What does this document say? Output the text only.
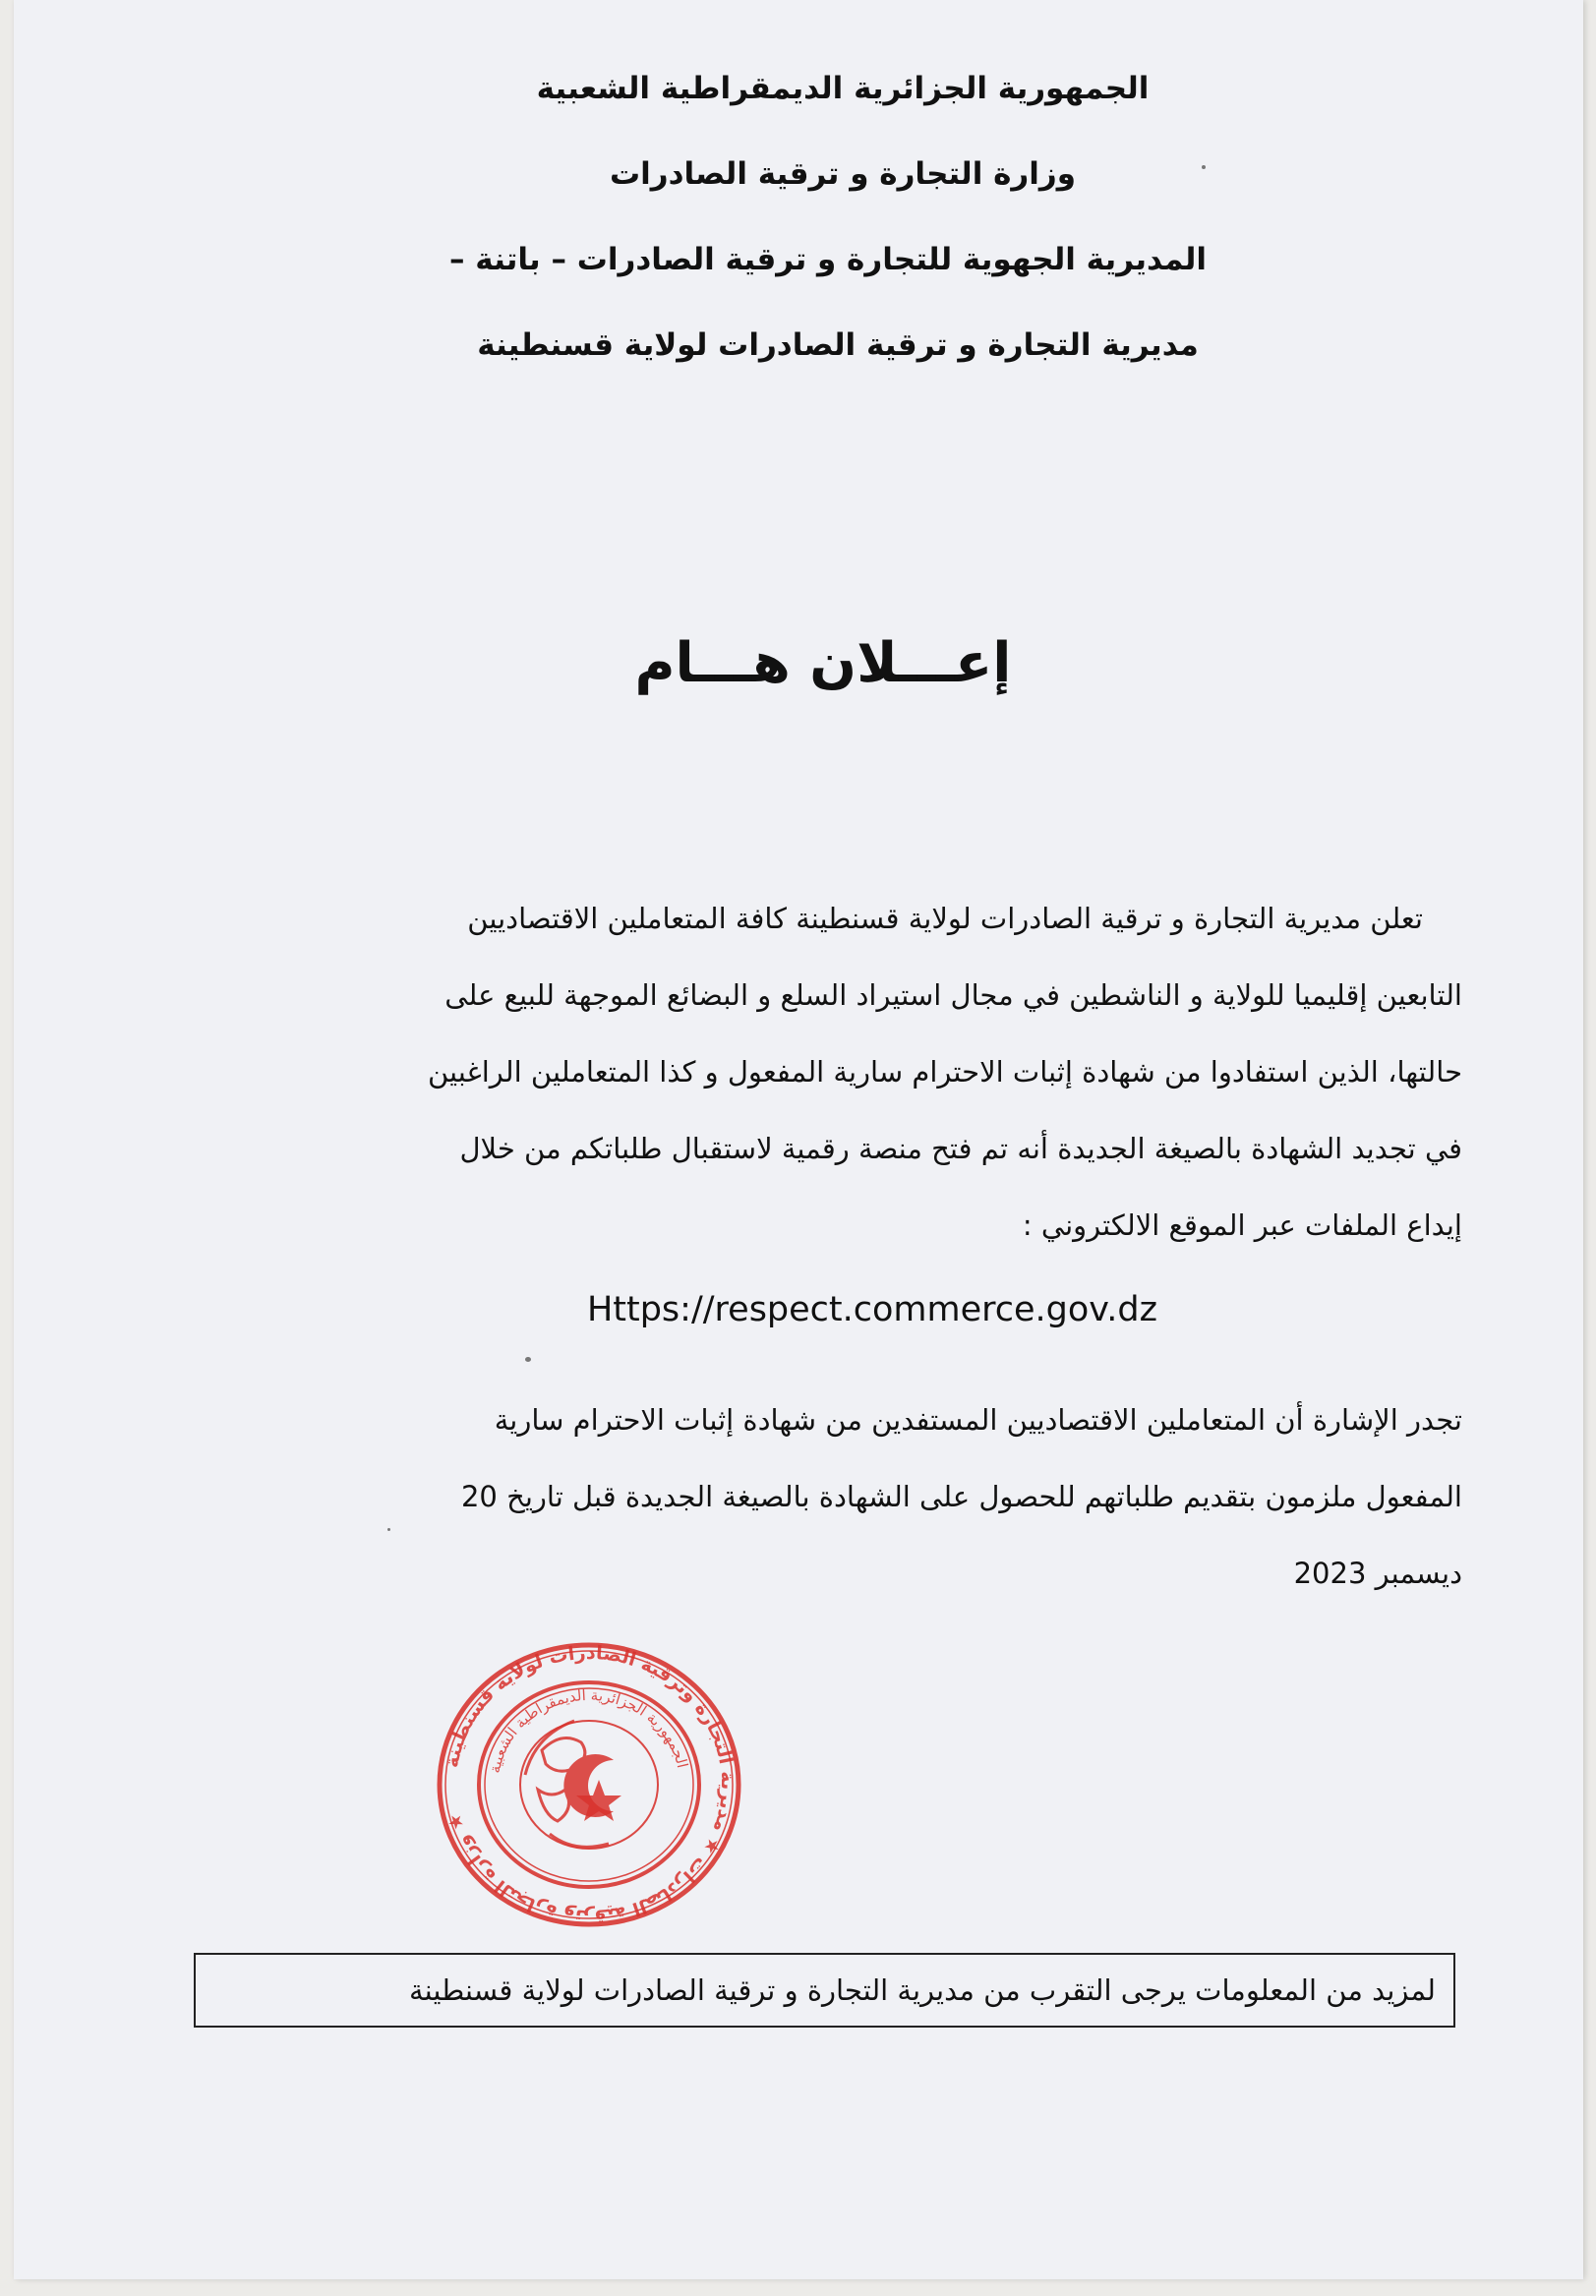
الجمهورية الجزائرية الديمقراطية الشعبية
وزارة التجارة و ترقية الصادرات
المديرية الجهوية للتجارة و ترقية الصادرات – باتنة –
مديرية التجارة و ترقية الصادرات لولاية قسنطينة
إعـــلان هـــام
تعلن مديرية التجارة و ترقية الصادرات لولاية قسنطينة كافة المتعاملين الاقتصاديين
التابعين إقليميا للولاية و الناشطين في مجال استيراد السلع و البضائع الموجهة للبيع على
حالتها، الذين استفادوا من شهادة إثبات الاحترام سارية المفعول و كذا المتعاملين الراغبين
في تجديد الشهادة بالصيغة الجديدة أنه تم فتح منصة رقمية لاستقبال طلباتكم من خلال
إيداع الملفات عبر الموقع الالكتروني :
Https://respect.commerce.gov.dz
تجدر الإشارة أن المتعاملين الاقتصاديين المستفدين من شهادة إثبات الاحترام سارية
المفعول ملزمون بتقديم طلباتهم للحصول على الشهادة بالصيغة الجديدة قبل تاريخ 20
ديسمبر 2023
وزارة التجارة وترقية الصادرات ★ مديرية التجارة وترقية الصادرات لولاية قسنطينة ★
الجمهورية الجزائرية الديمقراطية الشعبية
لمزيد من المعلومات يرجى التقرب من مديرية التجارة و ترقية الصادرات لولاية قسنطينة
